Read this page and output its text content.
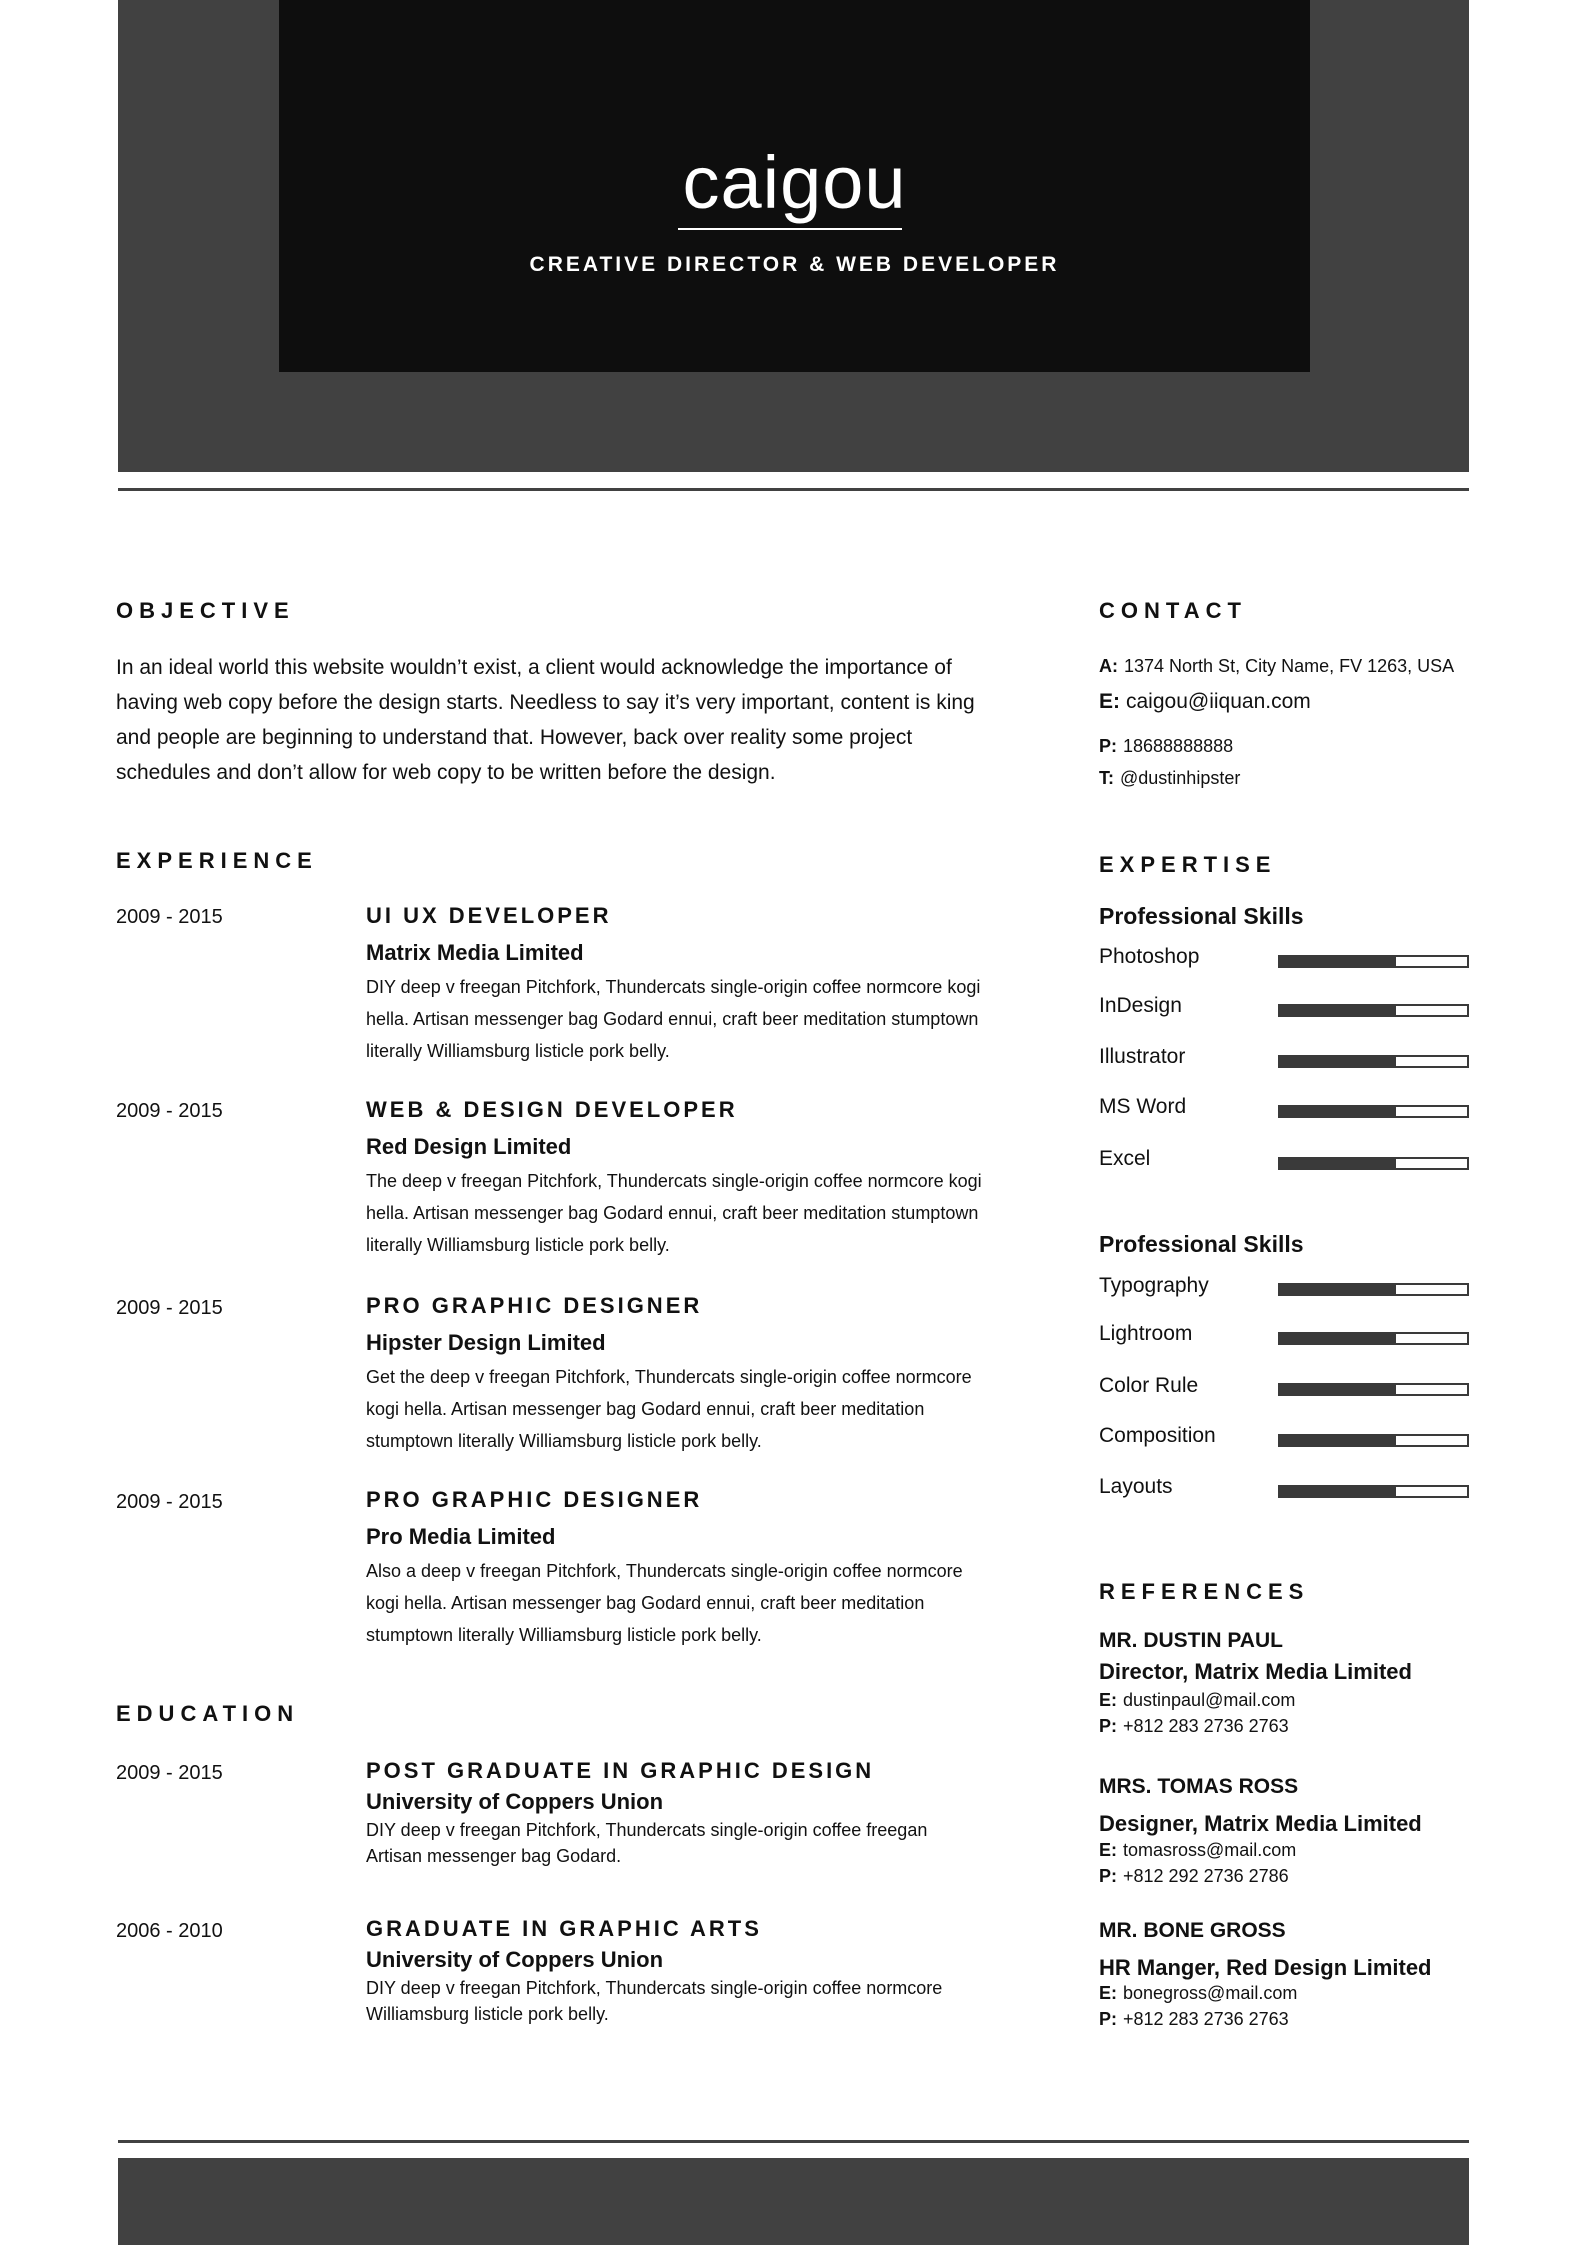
caigou
CREATIVE DIRECTOR & WEB DEVELOPER
OBJECTIVE
In an ideal world this website wouldn’t exist, a client would acknowledge the importance of
having web copy before the design starts. Needless to say it’s very important, content is king
and people are beginning to understand that. However, back over reality some project
schedules and don’t allow for web copy to be written before the design.
EXPERIENCE
2009 - 2015	UI UX DEVELOPER
Matrix Media Limited
DIY deep v freegan Pitchfork, Thundercats single-origin coffee normcore kogi
hella. Artisan messenger bag Godard ennui, craft beer meditation stumptown
literally Williamsburg listicle pork belly.
2009 - 2015	WEB & DESIGN DEVELOPER
Red Design Limited
The deep v freegan Pitchfork, Thundercats single-origin coffee normcore kogi
hella. Artisan messenger bag Godard ennui, craft beer meditation stumptown
literally Williamsburg listicle pork belly.
2009 - 2015	PRO GRAPHIC DESIGNER
Hipster Design Limited
Get the deep v freegan Pitchfork, Thundercats single-origin coffee normcore
kogi hella. Artisan messenger bag Godard ennui, craft beer meditation
stumptown literally Williamsburg listicle pork belly.
2009 - 2015	PRO GRAPHIC DESIGNER
Pro Media Limited
Also a deep v freegan Pitchfork, Thundercats single-origin coffee normcore
kogi hella. Artisan messenger bag Godard ennui, craft beer meditation
stumptown literally Williamsburg listicle pork belly.
EDUCATION
2009 - 2015	POST GRADUATE IN GRAPHIC DESIGN
University of Coppers Union
DIY deep v freegan Pitchfork, Thundercats single-origin coffee freegan
Artisan messenger bag Godard.
2006 - 2010	GRADUATE IN GRAPHIC ARTS
University of Coppers Union
DIY deep v freegan Pitchfork, Thundercats single-origin coffee normcore
Williamsburg listicle pork belly.
CONTACT
A: 1374 North St, City Name, FV 1263, USA
E: caigou@iiquan.com
P: 18688888888
T: @dustinhipster
EXPERTISE
Professional Skills
Photoshop
InDesign
Illustrator
MS Word
Excel
Professional Skills
Typography
Lightroom
Color Rule
Composition
Layouts
REFERENCES
MR. DUSTIN PAUL
Director, Matrix Media Limited
E: dustinpaul@mail.com
P: +812 283 2736 2763
MRS. TOMAS ROSS
Designer, Matrix Media Limited
E: tomasross@mail.com
P: +812 292 2736 2786
MR. BONE GROSS
HR Manger, Red Design Limited
E: bonegross@mail.com
P: +812 283 2736 2763
